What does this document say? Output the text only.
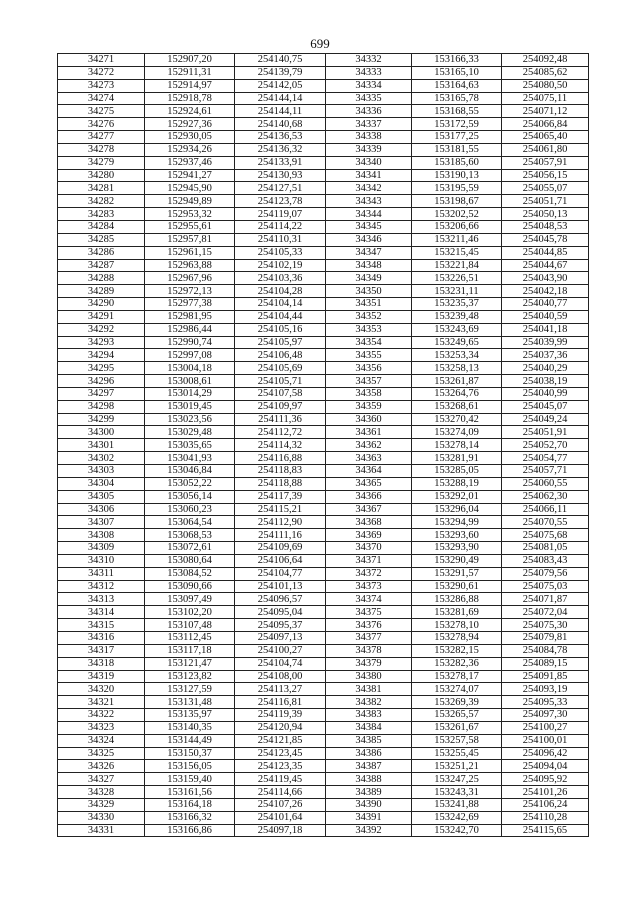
699
34271	152907,20	254140,75	34332	153166,33	254092,48
34272	152911,31	254139,79	34333	153165,10	254085,62
34273	152914,97	254142,05	34334	153164,63	254080,50
34274	152918,78	254144,14	34335	153165,78	254075,11
34275	152924,61	254144,11	34336	153168,55	254071,12
34276	152927,36	254140,68	34337	153172,59	254066,84
34277	152930,05	254136,53	34338	153177,25	254065,40
34278	152934,26	254136,32	34339	153181,55	254061,80
34279	152937,46	254133,91	34340	153185,60	254057,91
34280	152941,27	254130,93	34341	153190,13	254056,15
34281	152945,90	254127,51	34342	153195,59	254055,07
34282	152949,89	254123,78	34343	153198,67	254051,71
34283	152953,32	254119,07	34344	153202,52	254050,13
34284	152955,61	254114,22	34345	153206,66	254048,53
34285	152957,81	254110,31	34346	153211,46	254045,78
34286	152961,15	254105,33	34347	153215,45	254044,85
34287	152963,88	254102,19	34348	153221,84	254044,67
34288	152967,96	254103,36	34349	153226,51	254043,90
34289	152972,13	254104,28	34350	153231,11	254042,18
34290	152977,38	254104,14	34351	153235,37	254040,77
34291	152981,95	254104,44	34352	153239,48	254040,59
34292	152986,44	254105,16	34353	153243,69	254041,18
34293	152990,74	254105,97	34354	153249,65	254039,99
34294	152997,08	254106,48	34355	153253,34	254037,36
34295	153004,18	254105,69	34356	153258,13	254040,29
34296	153008,61	254105,71	34357	153261,87	254038,19
34297	153014,29	254107,58	34358	153264,76	254040,99
34298	153019,45	254109,97	34359	153268,61	254045,07
34299	153023,56	254111,36	34360	153270,42	254049,24
34300	153029,48	254112,72	34361	153274,09	254051,91
34301	153035,65	254114,32	34362	153278,14	254052,70
34302	153041,93	254116,88	34363	153281,91	254054,77
34303	153046,84	254118,83	34364	153285,05	254057,71
34304	153052,22	254118,88	34365	153288,19	254060,55
34305	153056,14	254117,39	34366	153292,01	254062,30
34306	153060,23	254115,21	34367	153296,04	254066,11
34307	153064,54	254112,90	34368	153294,99	254070,55
34308	153068,53	254111,16	34369	153293,60	254075,68
34309	153072,61	254109,69	34370	153293,90	254081,05
34310	153080,64	254106,64	34371	153290,49	254083,43
34311	153084,52	254104,77	34372	153291,57	254079,56
34312	153090,66	254101,13	34373	153290,61	254075,03
34313	153097,49	254096,57	34374	153286,88	254071,87
34314	153102,20	254095,04	34375	153281,69	254072,04
34315	153107,48	254095,37	34376	153278,10	254075,30
34316	153112,45	254097,13	34377	153278,94	254079,81
34317	153117,18	254100,27	34378	153282,15	254084,78
34318	153121,47	254104,74	34379	153282,36	254089,15
34319	153123,82	254108,00	34380	153278,17	254091,85
34320	153127,59	254113,27	34381	153274,07	254093,19
34321	153131,48	254116,81	34382	153269,39	254095,33
34322	153135,97	254119,39	34383	153265,57	254097,30
34323	153140,35	254120,94	34384	153261,67	254100,27
34324	153144,49	254121,85	34385	153257,58	254100,01
34325	153150,37	254123,45	34386	153255,45	254096,42
34326	153156,05	254123,35	34387	153251,21	254094,04
34327	153159,40	254119,45	34388	153247,25	254095,92
34328	153161,56	254114,66	34389	153243,31	254101,26
34329	153164,18	254107,26	34390	153241,88	254106,24
34330	153166,32	254101,64	34391	153242,69	254110,28
34331	153166,86	254097,18	34392	153242,70	254115,65
